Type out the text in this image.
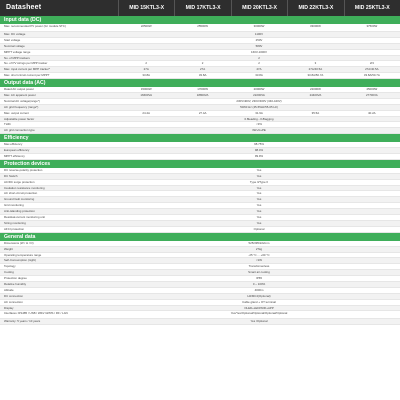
Datasheet	MID 15KTL3-X	MID 17KTL3-X	MID 20KTL3-X	MID 22KTL3-X	MID 25KTL3-X
Input data (DC)
Max. recommended PV power (for module STC)	22500W	25500W	30000W	33000W	37500W
Max. DC voltage	1100V
Start voltage	250V
Nominal voltage	580V
MPPT voltage range	160V-1000V
No. of MPP trackers	2
No. of PV strings per MPP tracker	2	2	2	3	2/3
Max. input current per MPP tracker*	27A	27A	27A	27A/40.5A	27A/40.5A
Max. short circuit current per MPPT	33.8A	33.8A	33.8A	33.8A/50.7A	33.8A/50.7A
Output data (AC)
Rated AC output power	15000W	17000W	20000W	22000W	25000W
Max. AC apparent power	16600VA	18800VA	22200VA	24400VA	27700VA
Nominal AC voltage(range*)	230V/400V, 230V/400V (340-440V)
AC grid frequency (range*)	50/60 Hz (45-55Hz/55-65 Hz)
Max. output current	24.2A	27.4A	31.9A	35.5A	40.2A
Adjustable power factor	0.8leading...0.8lagging
THDi	<3%
AC grid connection type	3W+N+PE
Efficiency
Max.efficiency	98.75%
European efficiency	98.4%
MPPT efficiency	99.9%
Protection devices
DC reverse-polarity protection	Yes
DC Switch	Yes
AC/DC surge protection	Type II/Type II
Insulation resistance monitoring	Yes
AC short-circuit protection	Yes
Ground fault monitoring	Yes
Grid monitoring	Yes
Anti-islanding protection	Yes
Residual-current monitoring unit	Yes
String monitoring	Yes
AFCI protection	Optional
General data
Dimensions (W / H / D)	525/395/222mm
Weight	27kg
Operating temperature range	-25 °C ... +60 °C
Self-Consumption (night)	<1W
Topology	Transformerless
Cooling	Smart air cooling
Protection degree	IP65
Relative humidity	0 ~ 100%
Altitude	4000m
DC connection	H4/MC4(Optional)
AC connection	Cable gland + OT terminal
Display	OLED+LED/WIFI+APP
Interfaces: RS485 / USB / WiFi/ GPRS / RF / LAN	Yes/Yes/Optional/Optional/Optional/Optional
Warranty: 5 years / 10 years	Yes /Optional
